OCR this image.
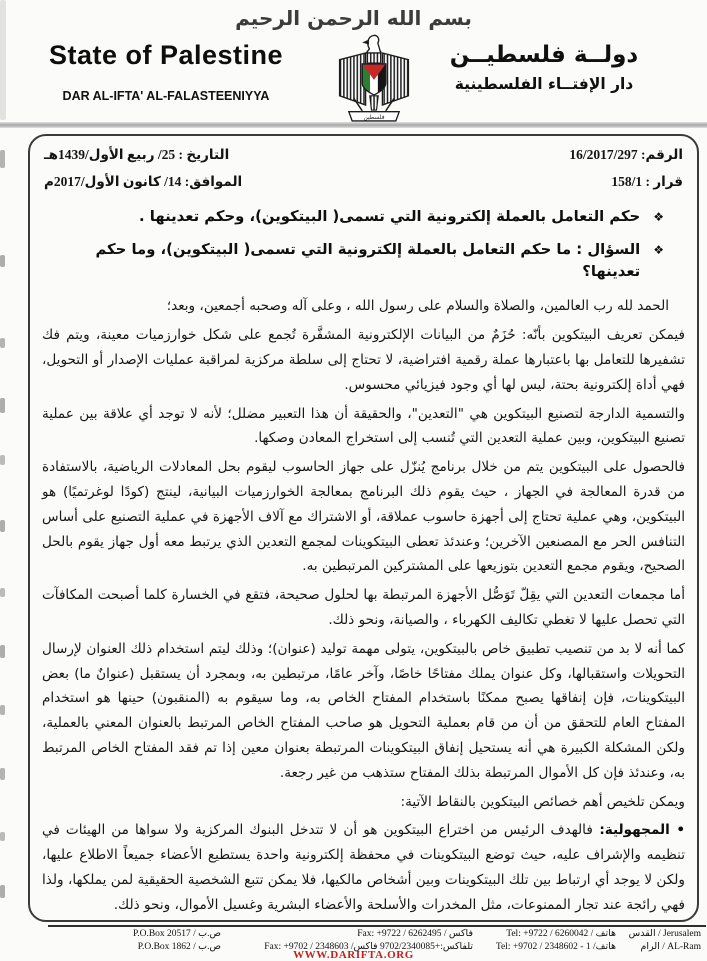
بسم الله الرحمن الرحيم
State of Palestine
DAR AL-IFTA' AL-FALASTEENIYYA
فلسطين
دولــة فلسطيــن
دار الإفتــاء الفلسطينية
الرقم: 16/2017/297
التاريخ : 25/ ربيع الأول/1439هـ
قرار : 158/1
الموافق: 14/ كانون الأول/2017م
❖
حكم التعامل بالعملة إلكترونية التي تسمى( البيتكوين)، وحكم تعدينها .
❖
السؤال : ما حكم التعامل بالعملة إلكترونية التي تسمى( البيتكوين)، وما حكم تعدينها؟

الحمد لله رب العالمين، والصلاة والسلام على رسول الله ، وعلى آله وصحبه أجمعين، وبعد؛

فيمكن تعريف البيتكوين بأنّه: حُزَمٌ من البيانات الإلكترونية المشفَّرة تُجمع على شكل خوارزميات معينة، ويتم فك تشفيرها للتعامل بها باعتبارها عملة رقمية افتراضية، لا تحتاج إلى سلطة مركزية لمراقبة عمليات الإصدار أو التحويل، فهي أداة إلكترونية بحتة، ليس لها أي وجود فيزيائي محسوس.

والتسمية الدارجة لتصنيع البيتكوين هي "التعدين"، والحقيقة أن هذا التعبير مضلل؛ لأنه لا توجد أي علاقة بين عملية تصنيع البيتكوين، وبين عملية التعدين التي تُنسب إلى استخراج المعادن وصكها.

فالحصول على البيتكوين يتم من خلال برنامج يُنزّل على جهاز الحاسوب ليقوم بحل المعادلات الرياضية، بالاستفادة من قدرة المعالجة في الجهاز ، حيث يقوم ذلك البرنامج بمعالجة الخوارزميات البيانية، لينتج (كودًا لوغرتميًا) هو البيتكوين، وهي عملية تحتاج إلى أجهزة حاسوب عملاقة، أو الاشتراك مع آلاف الأجهزة في عملية التصنيع على أساس التنافس الحر مع المصنعين الآخرين؛ وعندئذ تعطى البيتكوينات لمجمع التعدين الذي يرتبط معه أول جهاز يقوم بالحل الصحيح، ويقوم مجمع التعدين بتوزيعها على المشتركين المرتبطين به.

أما مجمعات التعدين التي يقِلّ تَوَصُّل الأجهزة المرتبطة بها لحلول صحيحة، فتقع في الخسارة كلما أصبحت المكافآت التي تحصل عليها لا تغطي تكاليف الكهرباء ، والصيانة، ونحو ذلك.

كما أنه لا بد من تنصيب تطبيق خاص بالبيتكوين، يتولى مهمة توليد (عنوان)؛ وذلك ليتم استخدام ذلك العنوان لإرسال التحويلات واستقبالها، وكل عنوان يملك مفتاحًا خاصًا، وآخر عامًا، مرتبطين به، وبمجرد أن يستقبل (عنوانٌ ما) بعض البيتكوينات، فإن إنفاقها يصبح ممكنًا باستخدام المفتاح الخاص به، وما سيقوم به (المنقبون) حينها هو استخدام المفتاح العام للتحقق من أن من قام بعملية التحويل هو صاحب المفتاح الخاص المرتبط بالعنوان المعني بالعملية، ولكن المشكلة الكبيرة هي أنه يستحيل إنفاق البيتكوينات المرتبطة بعنوان معين إذا تم فقد المفتاح الخاص المرتبط به، وعندئذ فإن كل الأموال المرتبطة بذلك المفتاح ستذهب من غير رجعة.

ويمكن تلخيص أهم خصائص البيتكوين بالنقاط الآتية:

• المجهولية: فالهدف الرئيس من اختراع البيتكوين هو أن لا تتدخل البنوك المركزية ولا سواها من الهيئات في تنظيمه والإشراف عليه، حيث توضع البيتكوينات في محفظة إلكترونية واحدة يستطيع الأعضاء جميعاً الاطلاع عليها، ولكن لا يوجد أي ارتباط بين تلك البيتكوينات وبين أشخاص مالكيها، فلا يمكن تتبع الشخصية الحقيقية لمن يملكها، ولذا فهي رائجة عند تجار الممنوعات، مثل المخدرات والأسلحة والأعضاء البشرية وغسيل الأموال، ونحو ذلك.

ص.ب / P.O.Box 20517	فاكس / Fax: +9722 / 6262495	هاتف / Tel: +9722 / 6260042	القدس / Jerusalem
ص.ب / P.O.Box 1862	تلفاكس:+9702/2340085 فاكس/ Fax: +9702 / 2348603	هاتف/ Tel: +9702 / 2348602 - 1	الرام / AL-Ram
WWW.DARIFTA.ORG
